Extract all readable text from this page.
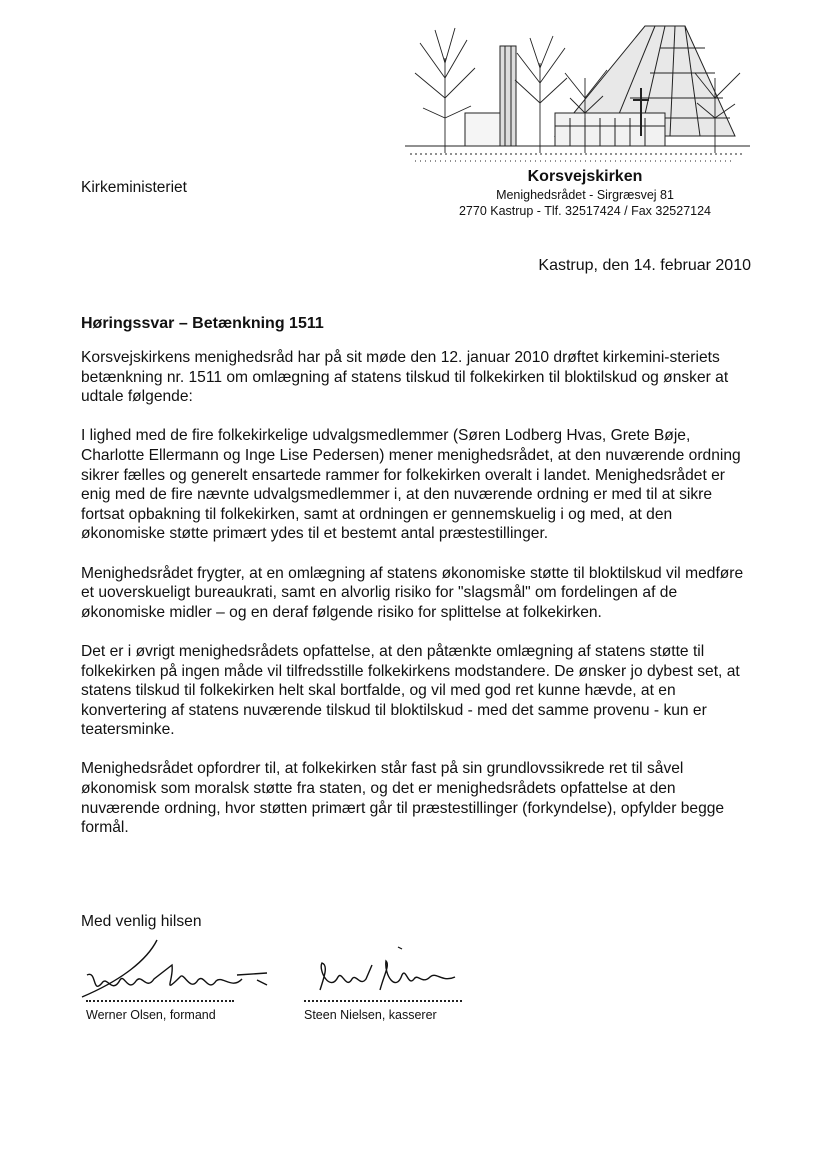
Kirkeministeriet
Korsvejskirken
Menighedsrådet - Sirgræsvej 81
2770 Kastrup - Tlf. 32517424 / Fax 32527124
Kastrup, den 14. februar 2010
Høringssvar – Betænkning 1511

Korsvejskirkens menighedsråd har på sit møde den 12. januar 2010 drøftet kirkemini-steriets betænkning nr. 1511 om omlægning af statens tilskud til folkekirken til bloktilskud og ønsker at udtale følgende:

I lighed med de fire folkekirkelige udvalgsmedlemmer (Søren Lodberg Hvas, Grete Bøje, Charlotte Ellermann og Inge Lise Pedersen) mener menighedsrådet, at den nuværende ordning sikrer fælles og generelt ensartede rammer for folkekirken overalt i landet. Menighedsrådet er enig med de fire nævnte udvalgsmedlemmer i, at den nuværende ordning er med til at sikre fortsat opbakning til folkekirken, samt at ordningen er gennemskuelig i og med, at den økonomiske støtte primært ydes til et bestemt antal præstestillinger.

Menighedsrådet frygter, at en omlægning af statens økonomiske støtte til bloktilskud vil medføre et uoverskueligt bureaukrati, samt en alvorlig risiko for "slagsmål" om fordelingen af de økonomiske midler – og en deraf følgende risiko for splittelse at folkekirken.

Det er i øvrigt menighedsrådets opfattelse, at den påtænkte omlægning af statens støtte til folkekirken på ingen måde vil tilfredsstille folkekirkens modstandere. De ønsker jo dybest set, at statens tilskud til folkekirken helt skal bortfalde, og vil med god ret kunne hævde, at en konvertering af statens nuværende tilskud til bloktilskud - med det samme provenu - kun er teatersminke.

Menighedsrådet opfordrer til, at folkekirken står fast på sin grundlovssikrede ret til såvel økonomisk som moralsk støtte fra staten, og det er menighedsrådets opfattelse at den nuværende ordning, hvor støtten primært går til præstestillinger (forkyndelse), opfylder begge formål.

Med venlig hilsen
Werner Olsen, formand	Steen Nielsen, kasserer
